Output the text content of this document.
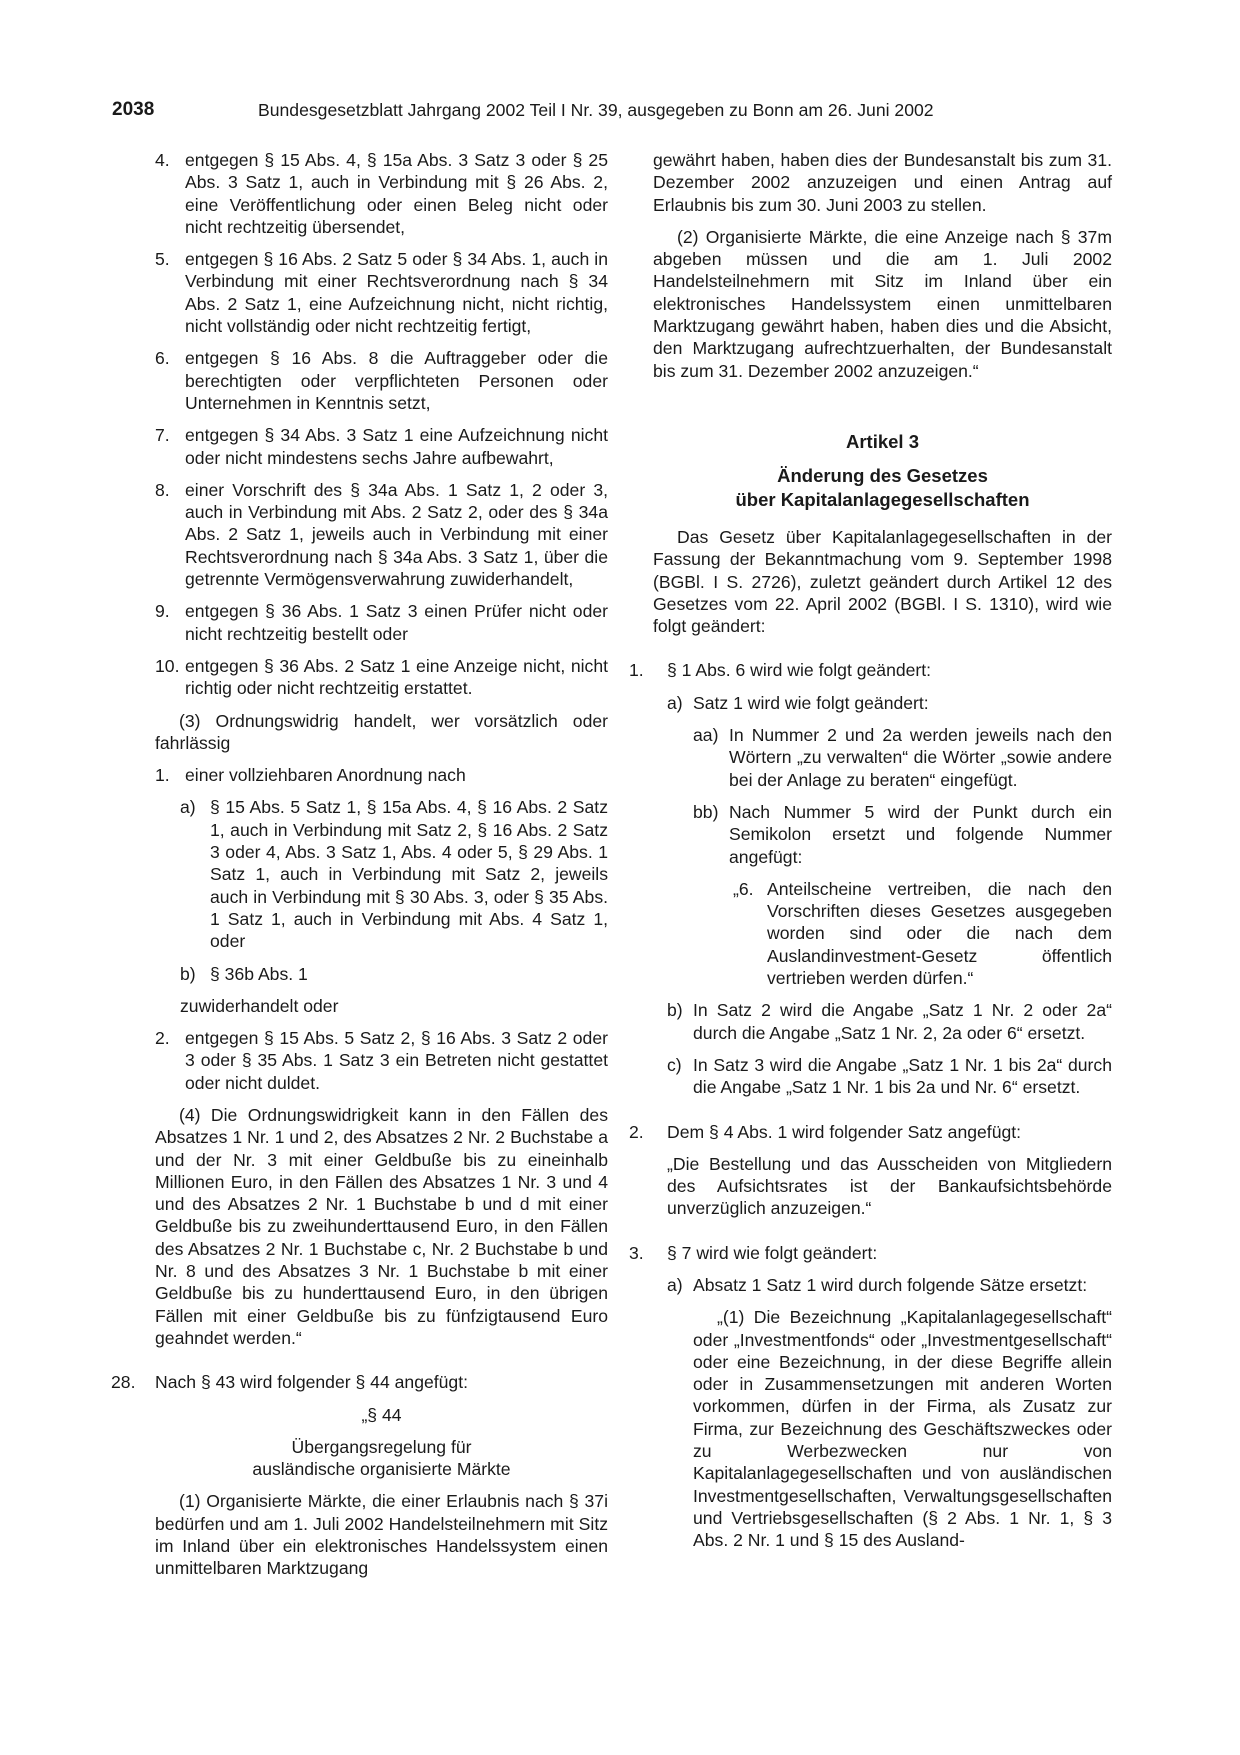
2038	Bundesgesetzblatt Jahrgang 2002 Teil I Nr. 39, ausgegeben zu Bonn am 26. Juni 2002
4. entgegen § 15 Abs. 4, § 15a Abs. 3 Satz 3 oder § 25 Abs. 3 Satz 1, auch in Verbindung mit § 26 Abs. 2, eine Veröffentlichung oder einen Beleg nicht oder nicht rechtzeitig übersendet,
5. entgegen § 16 Abs. 2 Satz 5 oder § 34 Abs. 1, auch in Verbindung mit einer Rechtsverordnung nach § 34 Abs. 2 Satz 1, eine Aufzeichnung nicht, nicht richtig, nicht vollständig oder nicht rechtzeitig fertigt,
6. entgegen § 16 Abs. 8 die Auftraggeber oder die berechtigten oder verpflichteten Personen oder Unternehmen in Kenntnis setzt,
7. entgegen § 34 Abs. 3 Satz 1 eine Aufzeichnung nicht oder nicht mindestens sechs Jahre aufbewahrt,
8. einer Vorschrift des § 34a Abs. 1 Satz 1, 2 oder 3, auch in Verbindung mit Abs. 2 Satz 2, oder des § 34a Abs. 2 Satz 1, jeweils auch in Verbindung mit einer Rechtsverordnung nach § 34a Abs. 3 Satz 1, über die getrennte Vermögensverwahrung zuwiderhandelt,
9. entgegen § 36 Abs. 1 Satz 3 einen Prüfer nicht oder nicht rechtzeitig bestellt oder
10. entgegen § 36 Abs. 2 Satz 1 eine Anzeige nicht, nicht richtig oder nicht rechtzeitig erstattet.

(3) Ordnungswidrig handelt, wer vorsätzlich oder fahrlässig

1. einer vollziehbaren Anordnung nach
a) § 15 Abs. 5 Satz 1, § 15a Abs. 4, § 16 Abs. 2 Satz 1, auch in Verbindung mit Satz 2, § 16 Abs. 2 Satz 3 oder 4, Abs. 3 Satz 1, Abs. 4 oder 5, § 29 Abs. 1 Satz 1, auch in Verbindung mit Satz 2, jeweils auch in Verbindung mit § 30 Abs. 3, oder § 35 Abs. 1 Satz 1, auch in Verbindung mit Abs. 4 Satz 1, oder
b) § 36b Abs. 1

zuwiderhandelt oder

2. entgegen § 15 Abs. 5 Satz 2, § 16 Abs. 3 Satz 2 oder 3 oder § 35 Abs. 1 Satz 3 ein Betreten nicht gestattet oder nicht duldet.

(4) Die Ordnungswidrigkeit kann in den Fällen des Absatzes 1 Nr. 1 und 2, des Absatzes 2 Nr. 2 Buchstabe a und der Nr. 3 mit einer Geldbuße bis zu eineinhalb Millionen Euro, in den Fällen des Absatzes 1 Nr. 3 und 4 und des Absatzes 2 Nr. 1 Buchstabe b und d mit einer Geldbuße bis zu zweihunderttausend Euro, in den Fällen des Absatzes 2 Nr. 1 Buchstabe c, Nr. 2 Buchstabe b und Nr. 8 und des Absatzes 3 Nr. 1 Buchstabe b mit einer Geldbuße bis zu hunderttausend Euro, in den übrigen Fällen mit einer Geldbuße bis zu fünfzigtausend Euro geahndet werden.“

28. Nach § 43 wird folgender § 44 angefügt:

„§ 44

Übergangsregelung für

ausländische organisierte Märkte

(1) Organisierte Märkte, die einer Erlaubnis nach § 37i bedürfen und am 1. Juli 2002 Handelsteilnehmern mit Sitz im Inland über ein elektronisches Handelssystem einen unmittelbaren Marktzugang

gewährt haben, haben dies der Bundesanstalt bis zum 31. Dezember 2002 anzuzeigen und einen Antrag auf Erlaubnis bis zum 30. Juni 2003 zu stellen.

(2) Organisierte Märkte, die eine Anzeige nach § 37m abgeben müssen und die am 1. Juli 2002 Handelsteilnehmern mit Sitz im Inland über ein elektronisches Handelssystem einen unmittelbaren Marktzugang gewährt haben, haben dies und die Absicht, den Marktzugang aufrechtzuerhalten, der Bundesanstalt bis zum 31. Dezember 2002 anzuzeigen.“

Artikel 3

Änderung des Gesetzes

über Kapitalanlagegesellschaften

Das Gesetz über Kapitalanlagegesellschaften in der Fassung der Bekanntmachung vom 9. September 1998 (BGBl. I S. 2726), zuletzt geändert durch Artikel 12 des Gesetzes vom 22. April 2002 (BGBl. I S. 1310), wird wie folgt geändert:

1. § 1 Abs. 6 wird wie folgt geändert:
a) Satz 1 wird wie folgt geändert:
aa) In Nummer 2 und 2a werden jeweils nach den Wörtern „zu verwalten“ die Wörter „sowie andere bei der Anlage zu beraten“ eingefügt.
bb) Nach Nummer 5 wird der Punkt durch ein Semikolon ersetzt und folgende Nummer angefügt:
„6. Anteilscheine vertreiben, die nach den Vorschriften dieses Gesetzes ausgegeben worden sind oder die nach dem Auslandinvestment-Gesetz öffentlich vertrieben werden dürfen.“
b) In Satz 2 wird die Angabe „Satz 1 Nr. 2 oder 2a“ durch die Angabe „Satz 1 Nr. 2, 2a oder 6“ ersetzt.
c) In Satz 3 wird die Angabe „Satz 1 Nr. 1 bis 2a“ durch die Angabe „Satz 1 Nr. 1 bis 2a und Nr. 6“ ersetzt.
2. Dem § 4 Abs. 1 wird folgender Satz angefügt:

„Die Bestellung und das Ausscheiden von Mitgliedern des Aufsichtsrates ist der Bankaufsichtsbehörde unverzüglich anzuzeigen.“

3. § 7 wird wie folgt geändert:
a) Absatz 1 Satz 1 wird durch folgende Sätze ersetzt:

„(1) Die Bezeichnung „Kapitalanlagegesellschaft“ oder „Investmentfonds“ oder „Investmentgesellschaft“ oder eine Bezeichnung, in der diese Begriffe allein oder in Zusammensetzungen mit anderen Worten vorkommen, dürfen in der Firma, als Zusatz zur Firma, zur Bezeichnung des Geschäftszweckes oder zu Werbezwecken nur von Kapitalanlagegesellschaften und von ausländischen Investmentgesellschaften, Verwaltungsgesellschaften und Vertriebsgesellschaften (§ 2 Abs. 1 Nr. 1, § 3 Abs. 2 Nr. 1 und § 15 des Ausland-
